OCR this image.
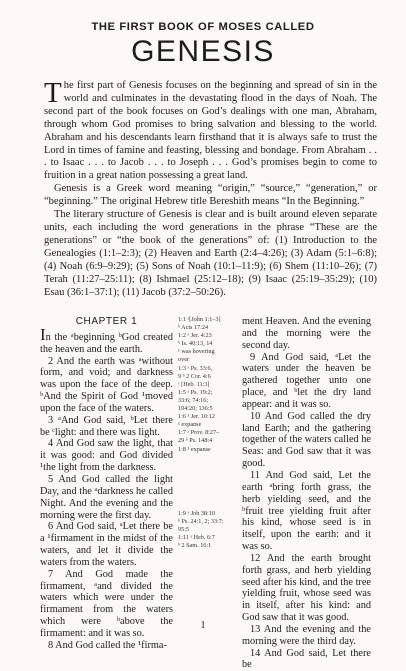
THE FIRST BOOK OF MOSES CALLED
GENESIS

The first part of Genesis focuses on the beginning and spread of sin in the world and culminates in the devastating flood in the days of Noah. The second part of the book focuses on God’s dealings with one man, Abraham, through whom God promises to bring salvation and blessing to the world. Abraham and his descendants learn firsthand that it is always safe to trust the Lord in times of famine and feasting, blessing and bondage. From Abraham . . . to Isaac . . . to Jacob . . . to Joseph . . . God’s promises begin to come to fruition in a great nation possessing a great land.

Genesis is a Greek word meaning “origin,” “source,” “generation,” or “beginning.” The original Hebrew title Bereshith means “In the Beginning.”

The literary structure of Genesis is clear and is built around eleven separate units, each including the word generations in the phrase “These are the generations” or “the book of the generations” of: (1) Introduction to the Genealogies (1:1–2:3); (2) Heaven and Earth (2:4–4:26); (3) Adam (5:1–6:8); (4) Noah (6:9–9:29); (5) Sons of Noah (10:1–11:9); (6) Shem (11:10–26); (7) Terah (11:27–25:11); (8) Ishmael (25:12–18); (9) Isaac (25:19–35:29); (10) Esau (36:1–37:1); (11) Jacob (37:2–50:26).

CHAPTER 1

In the ᵃbeginning ᵇGod created the heaven and the earth.

2 And the earth was ᵃwithout form, and void; and darkness was upon the face of the deep. ᵇAnd the Spirit of God ¹moved upon the face of the waters.

3 ᵃAnd God said, ᵇLet there be ᶜlight: and there was light.

4 And God saw the light, that it was good: and God divided ¹the light from the darkness.

5 And God called the light Day, and the ᵃdarkness he called Night. And the evening and the morning were the first day.

6 And God said, ᵃLet there be a ¹firmament in the midst of the waters, and let it divide the waters from the waters.

7 And God made the firmament, ᵃand divided the waters which were under the firmament from the waters which were ᵇabove the firmament: and it was so.

8 And God called the ¹firma-

1:1 ᵃ[John 1:1–3]
ᵇ Acts 17:24
1:2 ᵃ Jer. 4:23
ᵇ Is. 40:13, 14
¹ was hovering
over
1:3 ᵃ Ps. 33:6,
9 ᵇ 2 Cor. 4:6
ᶜ [Heb. 11:3]
1:5 ᵃ Ps. 19:2;
33:6; 74:16;
104:20; 136:5
1:6 ¹ Jer. 10:12
¹ expanse
1:7 ᵃ Prov. 8:27–
29 ᵇ Ps. 148:4
1:8 ¹ expanse
1:9 ᵃ Job 38:10
ᵇ Ps. 24:1, 2; 33:7;
95:5
1:11 ᵃ Heb. 6:7
ᵇ 2 Sam. 16:1

ment Heaven. And the evening and the morning were the second day.

9 And God said, ᵃLet the waters under the heaven be gathered together unto one place, and ᵇlet the dry land appear: and it was so.

10 And God called the dry land Earth; and the gathering together of the waters called he Seas: and God saw that it was good.

11 And God said, Let the earth ᵃbring forth grass, the herb yielding seed, and the ᵇfruit tree yielding fruit after his kind, whose seed is in itself, upon the earth: and it was so.

12 And the earth brought forth grass, and herb yielding seed after his kind, and the tree yielding fruit, whose seed was in itself, after his kind: and God saw that it was good.

13 And the evening and the morning were the third day.

14 And God said, Let there be

1
